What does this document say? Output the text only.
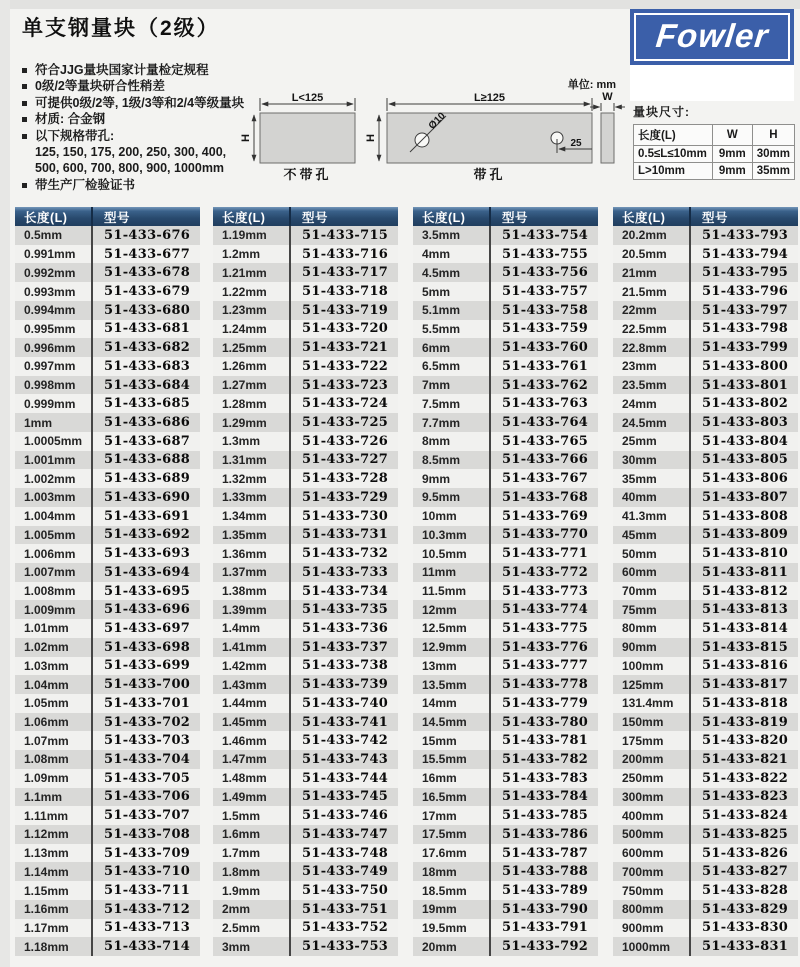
单支钢量块（2级）	Fowler
符合JJG量块国家计量检定规程
0级/2等量块研合性稍差
可提供0级/2等, 1级/3等和2/4等级量块
材质: 合金钢
以下规格带孔:
125, 150, 175, 200, 250, 300, 400,
500, 600, 700, 800, 900, 1000mm
带生产厂检验证书
单位: mm
L<125
H
不带孔
L≥125
H
Ø10
25
带孔
W
量块尺寸:
长度(L)	W	H
0.5≤L≤10mm	9mm	30mm
L>10mm	9mm	35mm
长度(L)	型号
0.5mm	51-433-676
0.991mm	51-433-677
0.992mm	51-433-678
0.993mm	51-433-679
0.994mm	51-433-680
0.995mm	51-433-681
0.996mm	51-433-682
0.997mm	51-433-683
0.998mm	51-433-684
0.999mm	51-433-685
1mm	51-433-686
1.0005mm	51-433-687
1.001mm	51-433-688
1.002mm	51-433-689
1.003mm	51-433-690
1.004mm	51-433-691
1.005mm	51-433-692
1.006mm	51-433-693
1.007mm	51-433-694
1.008mm	51-433-695
1.009mm	51-433-696
1.01mm	51-433-697
1.02mm	51-433-698
1.03mm	51-433-699
1.04mm	51-433-700
1.05mm	51-433-701
1.06mm	51-433-702
1.07mm	51-433-703
1.08mm	51-433-704
1.09mm	51-433-705
1.1mm	51-433-706
1.11mm	51-433-707
1.12mm	51-433-708
1.13mm	51-433-709
1.14mm	51-433-710
1.15mm	51-433-711
1.16mm	51-433-712
1.17mm	51-433-713
1.18mm	51-433-714
长度(L)	型号
1.19mm	51-433-715
1.2mm	51-433-716
1.21mm	51-433-717
1.22mm	51-433-718
1.23mm	51-433-719
1.24mm	51-433-720
1.25mm	51-433-721
1.26mm	51-433-722
1.27mm	51-433-723
1.28mm	51-433-724
1.29mm	51-433-725
1.3mm	51-433-726
1.31mm	51-433-727
1.32mm	51-433-728
1.33mm	51-433-729
1.34mm	51-433-730
1.35mm	51-433-731
1.36mm	51-433-732
1.37mm	51-433-733
1.38mm	51-433-734
1.39mm	51-433-735
1.4mm	51-433-736
1.41mm	51-433-737
1.42mm	51-433-738
1.43mm	51-433-739
1.44mm	51-433-740
1.45mm	51-433-741
1.46mm	51-433-742
1.47mm	51-433-743
1.48mm	51-433-744
1.49mm	51-433-745
1.5mm	51-433-746
1.6mm	51-433-747
1.7mm	51-433-748
1.8mm	51-433-749
1.9mm	51-433-750
2mm	51-433-751
2.5mm	51-433-752
3mm	51-433-753
长度(L)	型号
3.5mm	51-433-754
4mm	51-433-755
4.5mm	51-433-756
5mm	51-433-757
5.1mm	51-433-758
5.5mm	51-433-759
6mm	51-433-760
6.5mm	51-433-761
7mm	51-433-762
7.5mm	51-433-763
7.7mm	51-433-764
8mm	51-433-765
8.5mm	51-433-766
9mm	51-433-767
9.5mm	51-433-768
10mm	51-433-769
10.3mm	51-433-770
10.5mm	51-433-771
11mm	51-433-772
11.5mm	51-433-773
12mm	51-433-774
12.5mm	51-433-775
12.9mm	51-433-776
13mm	51-433-777
13.5mm	51-433-778
14mm	51-433-779
14.5mm	51-433-780
15mm	51-433-781
15.5mm	51-433-782
16mm	51-433-783
16.5mm	51-433-784
17mm	51-433-785
17.5mm	51-433-786
17.6mm	51-433-787
18mm	51-433-788
18.5mm	51-433-789
19mm	51-433-790
19.5mm	51-433-791
20mm	51-433-792
长度(L)	型号
20.2mm	51-433-793
20.5mm	51-433-794
21mm	51-433-795
21.5mm	51-433-796
22mm	51-433-797
22.5mm	51-433-798
22.8mm	51-433-799
23mm	51-433-800
23.5mm	51-433-801
24mm	51-433-802
24.5mm	51-433-803
25mm	51-433-804
30mm	51-433-805
35mm	51-433-806
40mm	51-433-807
41.3mm	51-433-808
45mm	51-433-809
50mm	51-433-810
60mm	51-433-811
70mm	51-433-812
75mm	51-433-813
80mm	51-433-814
90mm	51-433-815
100mm	51-433-816
125mm	51-433-817
131.4mm	51-433-818
150mm	51-433-819
175mm	51-433-820
200mm	51-433-821
250mm	51-433-822
300mm	51-433-823
400mm	51-433-824
500mm	51-433-825
600mm	51-433-826
700mm	51-433-827
750mm	51-433-828
800mm	51-433-829
900mm	51-433-830
1000mm	51-433-831
